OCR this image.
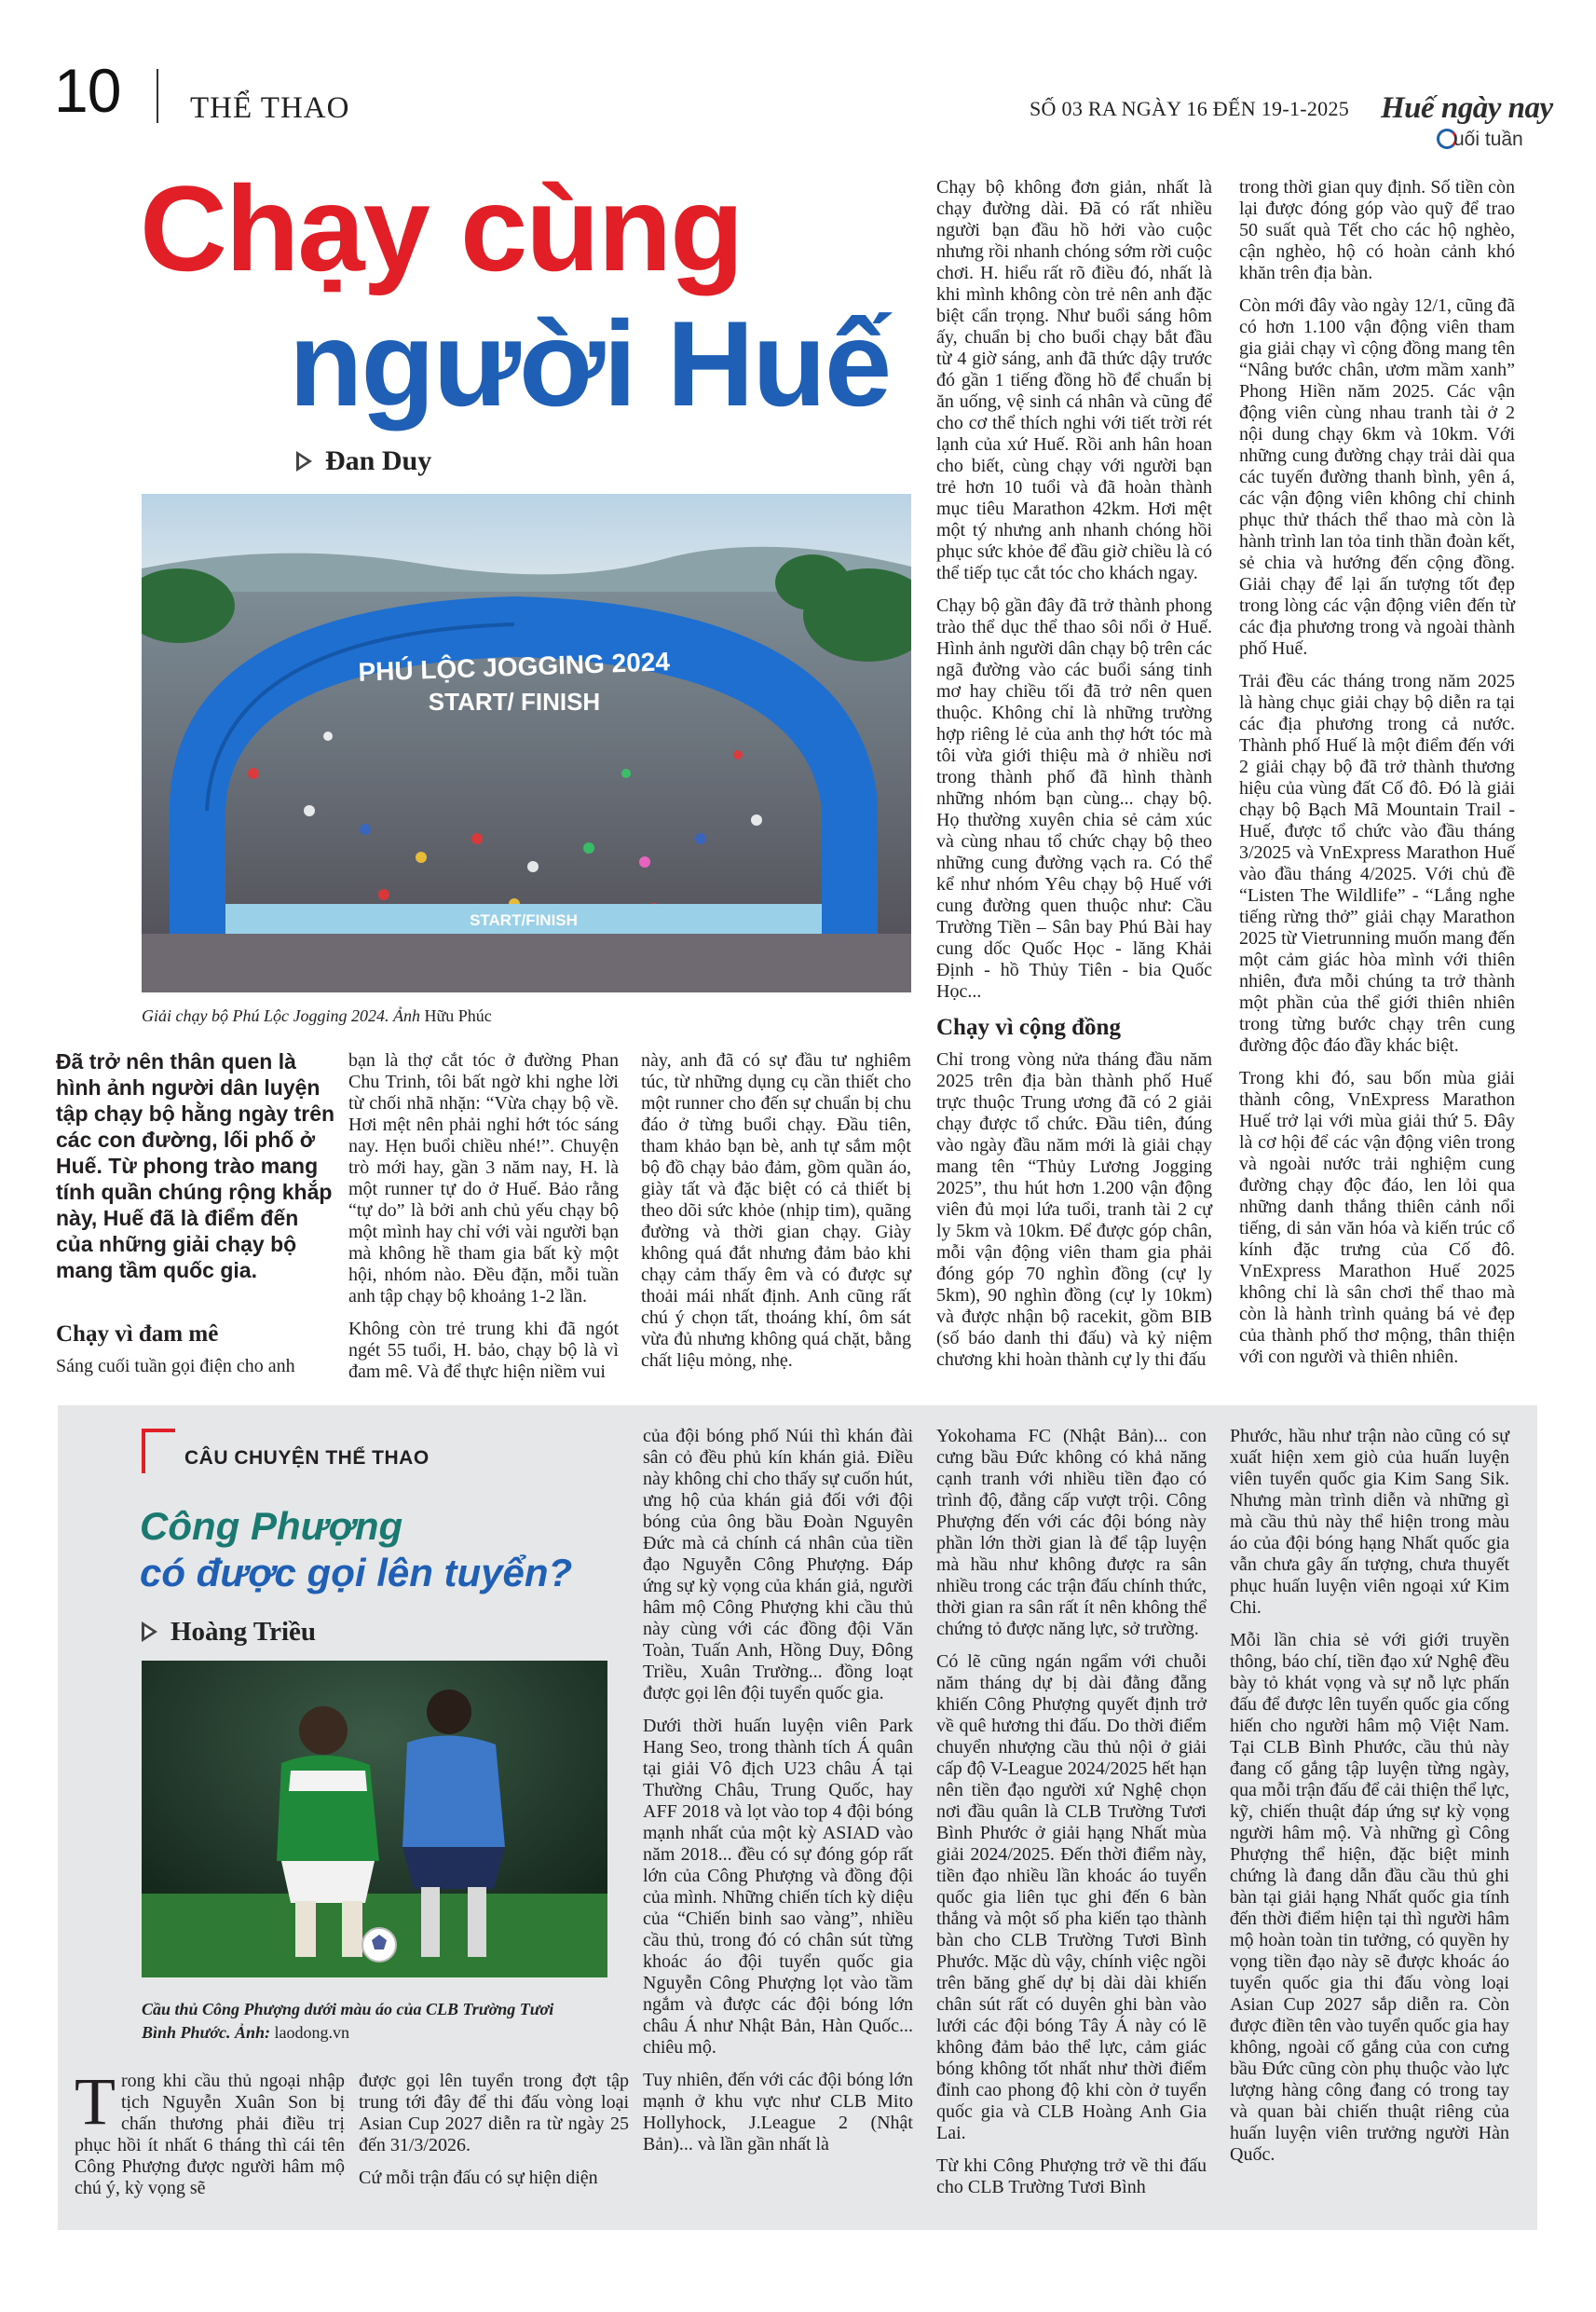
10 THỂ THAO	SỐ 03 RA NGÀY 16 ĐẾN 19-1-2025 Huế ngày nay
uối tuần
Chạy cùng
người Huế
Đan Duy
PHÚ LỘC JOGGING 2024
START/ FINISH
START/FINISH
Giải chạy bộ Phú Lộc Jogging 2024. Ảnh Hữu Phúc

Đã trở nên thân quen là hình ảnh người dân luyện tập chạy bộ hằng ngày trên các con đường, lối phố ở Huế. Từ phong trào mang tính quần chúng rộng khắp này, Huế đã là điểm đến của những giải chạy bộ mang tầm quốc gia.

Chạy vì đam mê

Sáng cuối tuần gọi điện cho anh

bạn là thợ cắt tóc ở đường Phan Chu Trinh, tôi bất ngờ khi nghe lời từ chối nhã nhặn: “Vừa chạy bộ về. Hơi mệt nên phải nghỉ hớt tóc sáng nay. Hẹn buổi chiều nhé!”. Chuyện trò mới hay, gần 3 năm nay, H. là một runner tự do ở Huế. Bảo rằng “tự do” là bởi anh chủ yếu chạy bộ một mình hay chỉ với vài người bạn mà không hề tham gia bất kỳ một hội, nhóm nào. Đều đặn, mỗi tuần anh tập chạy bộ khoảng 1-2 lần.

Không còn trẻ trung khi đã ngót ngét 55 tuổi, H. bảo, chạy bộ là vì đam mê. Và để thực hiện niềm vui

này, anh đã có sự đầu tư nghiêm túc, từ những dụng cụ cần thiết cho một runner cho đến sự chuẩn bị chu đáo ở từng buổi chạy. Đầu tiên, tham khảo bạn bè, anh tự sắm một bộ đồ chạy bảo đảm, gồm quần áo, giày tất và đặc biệt có cả thiết bị theo dõi sức khỏe (nhịp tim), quãng đường và thời gian chạy. Giày không quá đắt nhưng đảm bảo khi chạy cảm thấy êm và có được sự thoải mái nhất định. Anh cũng rất chú ý chọn tất, thoáng khí, ôm sát vừa đủ nhưng không quá chặt, bằng chất liệu mỏng, nhẹ.

Chạy bộ không đơn giản, nhất là chạy đường dài. Đã có rất nhiều người bạn đầu hồ hởi vào cuộc nhưng rồi nhanh chóng sớm rời cuộc chơi. H. hiểu rất rõ điều đó, nhất là khi mình không còn trẻ nên anh đặc biệt cẩn trọng. Như buổi sáng hôm ấy, chuẩn bị cho buổi chạy bắt đầu từ 4 giờ sáng, anh đã thức dậy trước đó gần 1 tiếng đồng hồ để chuẩn bị ăn uống, vệ sinh cá nhân và cũng để cho cơ thể thích nghi với tiết trời rét lạnh của xứ Huế. Rồi anh hân hoan cho biết, cùng chạy với người bạn trẻ hơn 10 tuổi và đã hoàn thành mục tiêu Marathon 42km. Hơi mệt một tý nhưng anh nhanh chóng hồi phục sức khỏe để đầu giờ chiều là có thể tiếp tục cắt tóc cho khách ngay.

Chạy bộ gần đây đã trở thành phong trào thể dục thể thao sôi nổi ở Huế. Hình ảnh người dân chạy bộ trên các ngã đường vào các buổi sáng tinh mơ hay chiều tối đã trở nên quen thuộc. Không chỉ là những trường hợp riêng lẻ của anh thợ hớt tóc mà tôi vừa giới thiệu mà ở nhiều nơi trong thành phố đã hình thành những nhóm bạn cùng... chạy bộ. Họ thường xuyên chia sẻ cảm xúc và cùng nhau tổ chức chạy bộ theo những cung đường vạch ra. Có thể kể như nhóm Yêu chạy bộ Huế với cung đường quen thuộc như: Cầu Trường Tiền – Sân bay Phú Bài hay cung dốc Quốc Học - lăng Khải Định - hồ Thủy Tiên - bia Quốc Học...

Chạy vì cộng đồng

Chỉ trong vòng nửa tháng đầu năm 2025 trên địa bàn thành phố Huế trực thuộc Trung ương đã có 2 giải chạy được tổ chức. Đầu tiên, đúng vào ngày đầu năm mới là giải chạy mang tên “Thủy Lương Jogging 2025”, thu hút hơn 1.200 vận động viên đủ mọi lứa tuổi, tranh tài 2 cự ly 5km và 10km. Để được góp chân, mỗi vận động viên tham gia phải đóng góp 70 nghìn đồng (cự ly 5km), 90 nghìn đồng (cự ly 10km) và được nhận bộ racekit, gồm BIB (số báo danh thi đấu) và kỷ niệm chương khi hoàn thành cự ly thi đấu

trong thời gian quy định. Số tiền còn lại được đóng góp vào quỹ để trao 50 suất quà Tết cho các hộ nghèo, cận nghèo, hộ có hoàn cảnh khó khăn trên địa bàn.

Còn mới đây vào ngày 12/1, cũng đã có hơn 1.100 vận động viên tham gia giải chạy vì cộng đồng mang tên “Nâng bước chân, ươm mầm xanh” Phong Hiền năm 2025. Các vận động viên cùng nhau tranh tài ở 2 nội dung chạy 6km và 10km. Với những cung đường chạy trải dài qua các tuyến đường thanh bình, yên á, các vận động viên không chỉ chinh phục thử thách thể thao mà còn là hành trình lan tỏa tinh thần đoàn kết, sẻ chia và hướng đến cộng đồng. Giải chạy để lại ấn tượng tốt đẹp trong lòng các vận động viên đến từ các địa phương trong và ngoài thành phố Huế.

Trải đều các tháng trong năm 2025 là hàng chục giải chạy bộ diễn ra tại các địa phương trong cả nước. Thành phố Huế là một điểm đến với 2 giải chạy bộ đã trở thành thương hiệu của vùng đất Cố đô. Đó là giải chạy bộ Bạch Mã Mountain Trail - Huế, được tổ chức vào đầu tháng 3/2025 và VnExpress Marathon Huế vào đầu tháng 4/2025. Với chủ đề “Listen The Wildlife” - “Lắng nghe tiếng rừng thở” giải chạy Marathon 2025 từ Vietrunning muốn mang đến một cảm giác hòa mình với thiên nhiên, đưa mỗi chúng ta trở thành một phần của thể giới thiên nhiên trong từng bước chạy trên cung đường độc đáo đầy khác biệt.

Trong khi đó, sau bốn mùa giải thành công, VnExpress Marathon Huế trở lại với mùa giải thứ 5. Đây là cơ hội để các vận động viên trong và ngoài nước trải nghiệm cung đường chạy độc đáo, len lỏi qua những danh thắng thiên cảnh nổi tiếng, di sản văn hóa và kiến trúc cổ kính đặc trưng của Cố đô. VnExpress Marathon Huế 2025 không chỉ là sân chơi thể thao mà còn là hành trình quảng bá vẻ đẹp của thành phố thơ mộng, thân thiện với con người và thiên nhiên.

CÂU CHUYỆN THỂ THAO
Công Phượng
có được gọi lên tuyển?
Hoàng Triều
Cầu thủ Công Phượng dưới màu áo của CLB Trường Tươi Bình Phước. Ảnh: laodong.vn

Trong khi cầu thủ ngoại nhập tịch Nguyễn Xuân Son bị chấn thương phải điều trị phục hồi ít nhất 6 tháng thì cái tên Công Phượng được người hâm mộ chú ý, kỳ vọng sẽ

được gọi lên tuyển trong đợt tập trung tới đây để thi đấu vòng loại Asian Cup 2027 diễn ra từ ngày 25 đến 31/3/2026.

Cứ mỗi trận đấu có sự hiện diện

của đội bóng phố Núi thì khán đài sân cỏ đều phủ kín khán giả. Điều này không chỉ cho thấy sự cuốn hút, ưng hộ của khán giả đối với đội bóng của ông bầu Đoàn Nguyên Đức mà cả chính cá nhân của tiền đạo Nguyễn Công Phượng. Đáp ứng sự kỳ vọng của khán giả, người hâm mộ Công Phượng khi cầu thủ này cùng với các đồng đội Văn Toàn, Tuấn Anh, Hồng Duy, Đông Triều, Xuân Trường... đồng loạt được gọi lên đội tuyển quốc gia.

Dưới thời huấn luyện viên Park Hang Seo, trong thành tích Á quân tại giải Vô địch U23 châu Á tại Thường Châu, Trung Quốc, hay AFF 2018 và lọt vào top 4 đội bóng mạnh nhất của một kỳ ASIAD vào năm 2018... đều có sự đóng góp rất lớn của Công Phượng và đồng đội của mình. Những chiến tích kỳ diệu của “Chiến binh sao vàng”, nhiều cầu thủ, trong đó có chân sút từng khoác áo đội tuyển quốc gia Nguyễn Công Phượng lọt vào tầm ngắm và được các đội bóng lớn châu Á như Nhật Bản, Hàn Quốc... chiêu mộ.

Tuy nhiên, đến với các đội bóng lớn mạnh ở khu vực như CLB Mito Hollyhock, J.League 2 (Nhật Bản)... và lần gần nhất là

Yokohama FC (Nhật Bản)... con cưng bầu Đức không có khả năng cạnh tranh với nhiều tiền đạo có trình độ, đẳng cấp vượt trội. Công Phượng đến với các đội bóng này phần lớn thời gian là để tập luyện mà hầu như không được ra sân nhiều trong các trận đấu chính thức, thời gian ra sân rất ít nên không thể chứng tỏ được năng lực, sở trường.

Có lẽ cũng ngán ngẩm với chuỗi năm tháng dự bị dài đằng đẵng khiến Công Phượng quyết định trở về quê hương thi đấu. Do thời điểm chuyển nhượng cầu thủ nội ở giải cấp độ V-League 2024/2025 hết hạn nên tiền đạo người xứ Nghệ chọn nơi đầu quân là CLB Trường Tươi Bình Phước ở giải hạng Nhất mùa giải 2024/2025. Đến thời điểm này, tiền đạo nhiều lần khoác áo tuyển quốc gia liên tục ghi đến 6 bàn thắng và một số pha kiến tạo thành bàn cho CLB Trường Tươi Bình Phước. Mặc dù vậy, chính việc ngồi trên băng ghế dự bị dài dài khiến chân sút rất có duyên ghi bàn vào lưới các đội bóng Tây Á này có lẽ không đảm bảo thể lực, cảm giác bóng không tốt nhất như thời điểm đỉnh cao phong độ khi còn ở tuyển quốc gia và CLB Hoàng Anh Gia Lai.

Từ khi Công Phượng trở về thi đấu cho CLB Trường Tươi Bình

Phước, hầu như trận nào cũng có sự xuất hiện xem giò của huấn luyện viên tuyển quốc gia Kim Sang Sik. Nhưng màn trình diễn và những gì mà cầu thủ này thể hiện trong màu áo của đội bóng hạng Nhất quốc gia vẫn chưa gây ấn tượng, chưa thuyết phục huấn luyện viên ngoại xứ Kim Chi.

Mỗi lần chia sẻ với giới truyền thông, báo chí, tiền đạo xứ Nghệ đều bày tỏ khát vọng và sự nỗ lực phấn đấu để được lên tuyển quốc gia cống hiến cho người hâm mộ Việt Nam. Tại CLB Bình Phước, cầu thủ này đang cố gắng tập luyện từng ngày, qua mỗi trận đấu để cải thiện thể lực, kỹ, chiến thuật đáp ứng sự kỳ vọng người hâm mộ. Và những gì Công Phượng thể hiện, đặc biệt minh chứng là đang dẫn đầu cầu thủ ghi bàn tại giải hạng Nhất quốc gia tính đến thời điểm hiện tại thì người hâm mộ hoàn toàn tin tưởng, có quyền hy vọng tiền đạo này sẽ được khoác áo tuyển quốc gia thi đấu vòng loại Asian Cup 2027 sắp diễn ra. Còn được điền tên vào tuyển quốc gia hay không, ngoài cố gắng của con cưng bầu Đức cũng còn phụ thuộc vào lực lượng hàng công đang có trong tay và quan bài chiến thuật riêng của huấn luyện viên trưởng người Hàn Quốc.
